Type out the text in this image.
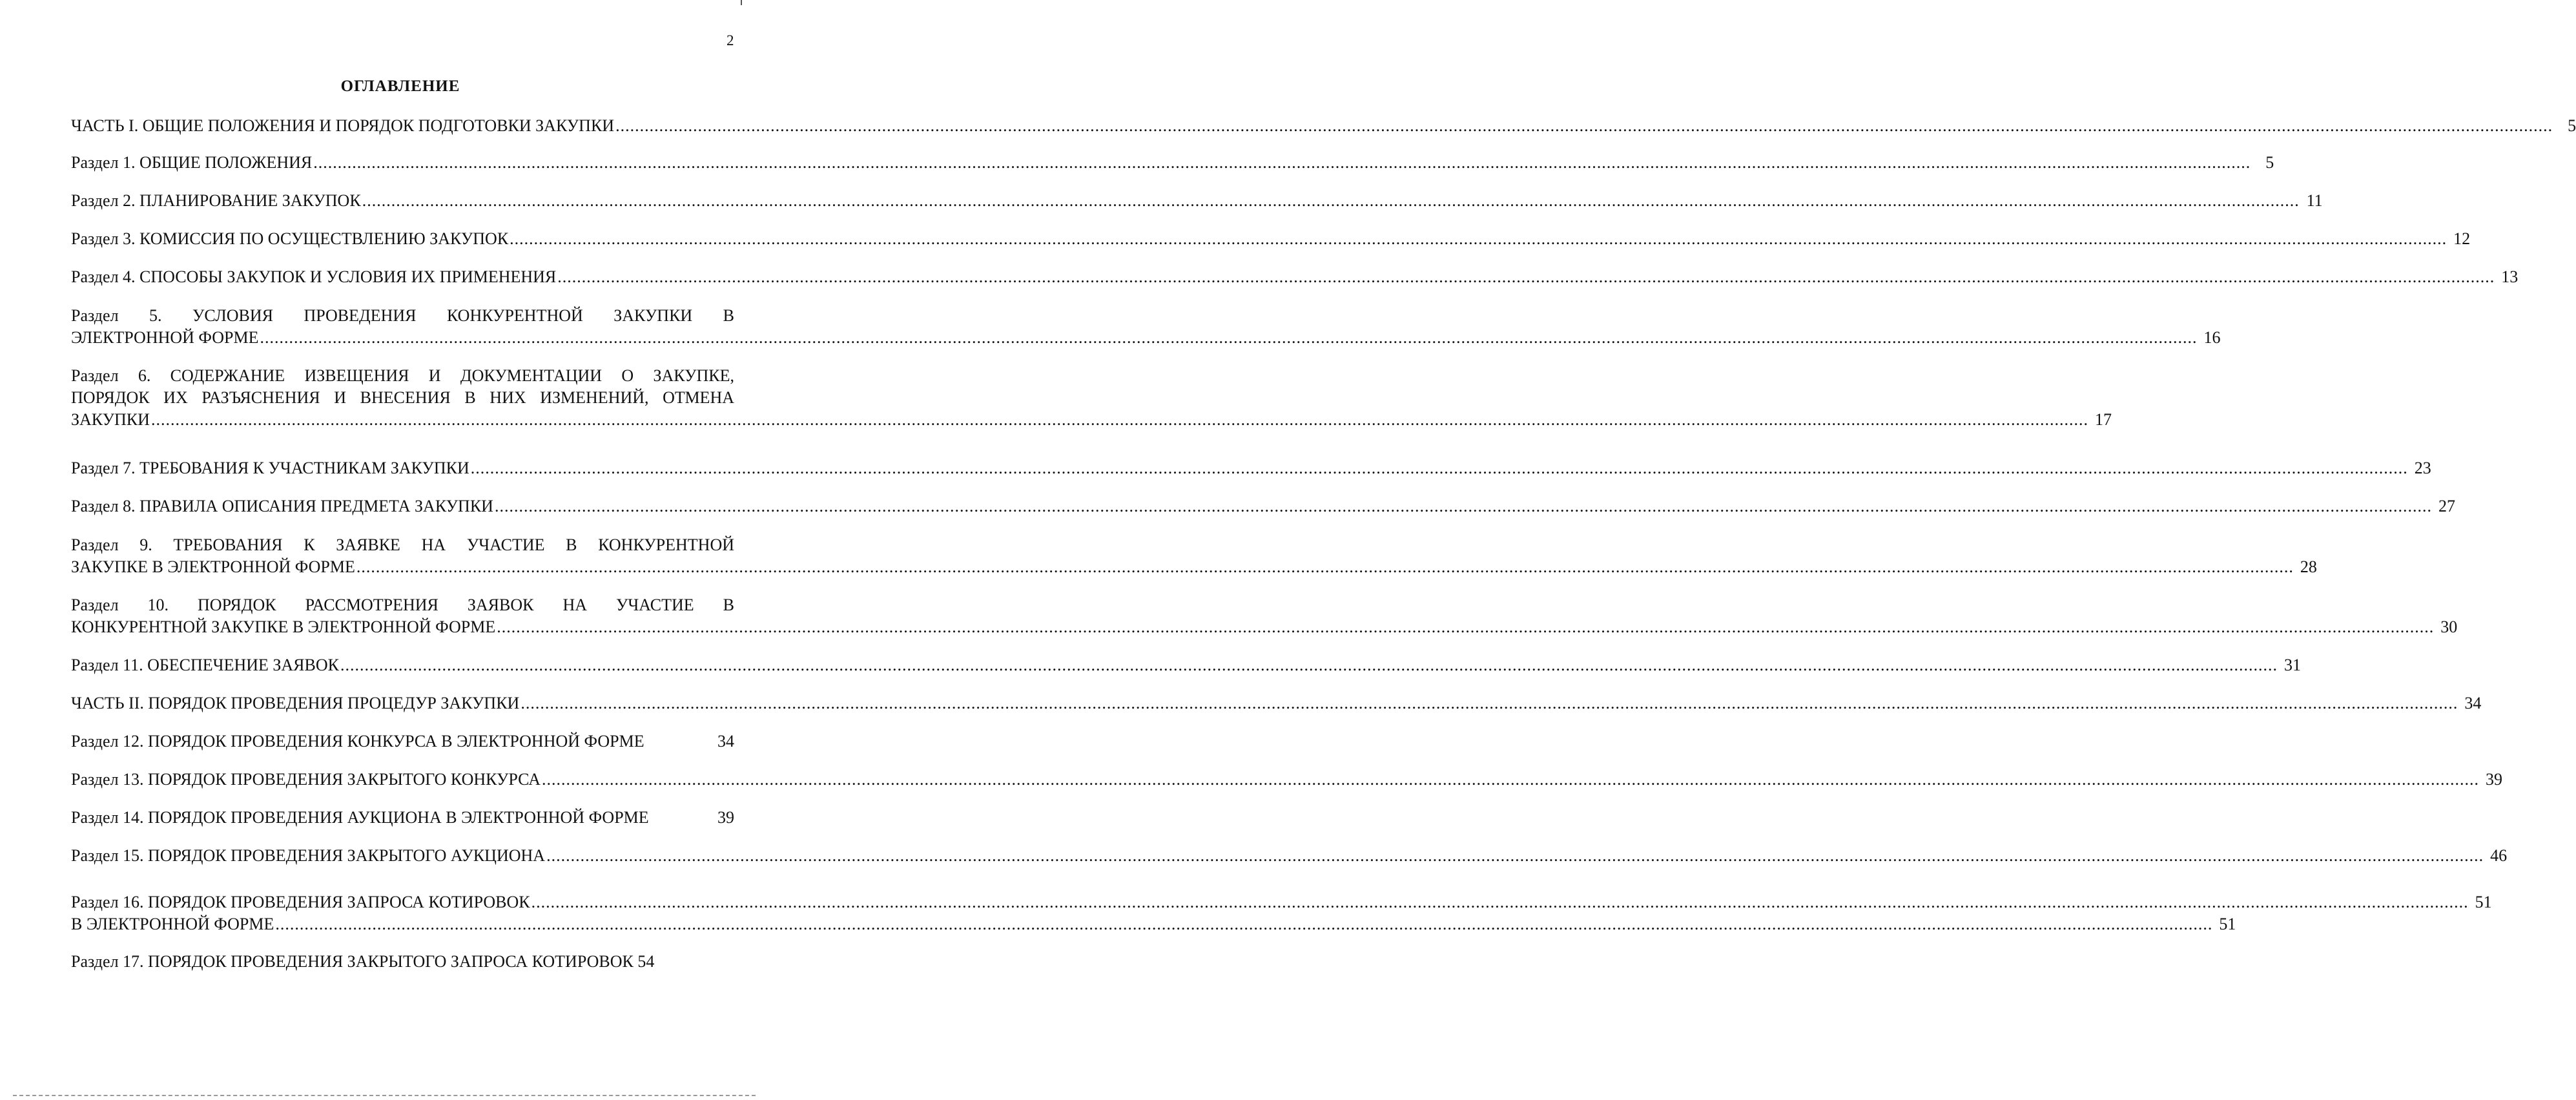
2
ОГЛАВЛЕНИЕ
ЧАСТЬ I. ОБЩИЕ ПОЛОЖЕНИЯ И ПОРЯДОК ПОДГОТОВКИ ЗАКУПКИ ................................................................................................................................................................................................................................................................................................................................................................................................................ 5
Раздел 1. ОБЩИЕ ПОЛОЖЕНИЯ ................................................................................................................................................................................................................................................................................................................................................................................................................ 5
Раздел 2. ПЛАНИРОВАНИЕ ЗАКУПОК ................................................................................................................................................................................................................................................................................................................................................................................................................ 11
Раздел 3. КОМИССИЯ ПО ОСУЩЕСТВЛЕНИЮ ЗАКУПОК ................................................................................................................................................................................................................................................................................................................................................................................................................ 12
Раздел 4. СПОСОБЫ ЗАКУПОК И УСЛОВИЯ ИХ ПРИМЕНЕНИЯ ................................................................................................................................................................................................................................................................................................................................................................................................................ 13
Раздел 5. УСЛОВИЯ ПРОВЕДЕНИЯ КОНКУРЕНТНОЙ ЗАКУПКИ В
ЭЛЕКТРОННОЙ ФОРМЕ ................................................................................................................................................................................................................................................................................................................................................................................................................ 16
Раздел 6. СОДЕРЖАНИЕ ИЗВЕЩЕНИЯ И ДОКУМЕНТАЦИИ О ЗАКУПКЕ,
ПОРЯДОК ИХ РАЗЪЯСНЕНИЯ И ВНЕСЕНИЯ В НИХ ИЗМЕНЕНИЙ, ОТМЕНА
ЗАКУПКИ ................................................................................................................................................................................................................................................................................................................................................................................................................ 17
Раздел 7. ТРЕБОВАНИЯ К УЧАСТНИКАМ ЗАКУПКИ ................................................................................................................................................................................................................................................................................................................................................................................................................ 23
Раздел 8. ПРАВИЛА ОПИСАНИЯ ПРЕДМЕТА ЗАКУПКИ ................................................................................................................................................................................................................................................................................................................................................................................................................ 27
Раздел 9. ТРЕБОВАНИЯ К ЗАЯВКЕ НА УЧАСТИЕ В КОНКУРЕНТНОЙ
ЗАКУПКЕ В ЭЛЕКТРОННОЙ ФОРМЕ ................................................................................................................................................................................................................................................................................................................................................................................................................ 28
Раздел 10. ПОРЯДОК РАССМОТРЕНИЯ ЗАЯВОК НА УЧАСТИЕ В
КОНКУРЕНТНОЙ ЗАКУПКЕ В ЭЛЕКТРОННОЙ ФОРМЕ ................................................................................................................................................................................................................................................................................................................................................................................................................ 30
Раздел 11. ОБЕСПЕЧЕНИЕ ЗАЯВОК ................................................................................................................................................................................................................................................................................................................................................................................................................ 31
ЧАСТЬ II. ПОРЯДОК ПРОВЕДЕНИЯ ПРОЦЕДУР ЗАКУПКИ ................................................................................................................................................................................................................................................................................................................................................................................................................ 34
Раздел 12. ПОРЯДОК ПРОВЕДЕНИЯ КОНКУРСА В ЭЛЕКТРОННОЙ ФОРМЕ	34
Раздел 13. ПОРЯДОК ПРОВЕДЕНИЯ ЗАКРЫТОГО КОНКУРСА ................................................................................................................................................................................................................................................................................................................................................................................................................ 39
Раздел 14. ПОРЯДОК ПРОВЕДЕНИЯ АУКЦИОНА В ЭЛЕКТРОННОЙ ФОРМЕ	39
Раздел 15. ПОРЯДОК ПРОВЕДЕНИЯ ЗАКРЫТОГО АУКЦИОНА ................................................................................................................................................................................................................................................................................................................................................................................................................ 46
Раздел 16. ПОРЯДОК ПРОВЕДЕНИЯ ЗАПРОСА КОТИРОВОК ................................................................................................................................................................................................................................................................................................................................................................................................................ 51
В ЭЛЕКТРОННОЙ ФОРМЕ ................................................................................................................................................................................................................................................................................................................................................................................................................ 51
Раздел 17. ПОРЯДОК ПРОВЕДЕНИЯ ЗАКРЫТОГО ЗАПРОСА КОТИРОВОК
54
